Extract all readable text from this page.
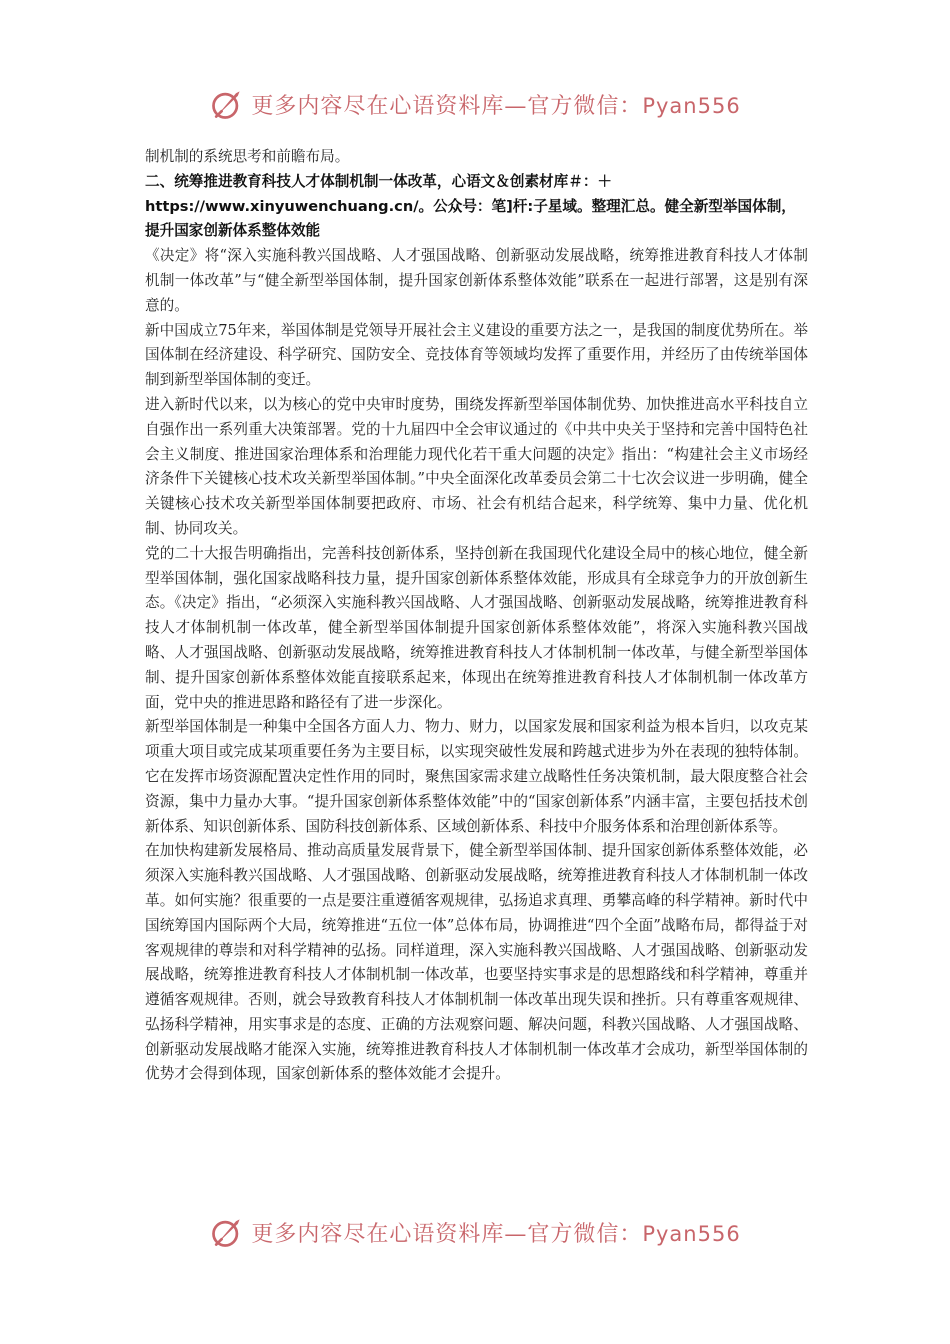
更多内容尽在心语资料库—官方微信：Pyan556

制机制的系统思考和前瞻布局。

二、统筹推进教育科技人才体制机制一体改革，心语文＆创素材库＃：＋https://www.xinyuwenchuang.cn/。公众号：笔]杆:子星域。整理汇总。健全新型举国体制，提升国家创新体系整体效能

《决定》将“深入实施科教兴国战略、人才强国战略、创新驱动发展战略，统筹推进教育科技人才体制机制一体改革”与“健全新型举国体制，提升国家创新体系整体效能”联系在一起进行部署，这是别有深意的。

新中国成立75年来，举国体制是党领导开展社会主义建设的重要方法之一，是我国的制度优势所在。举国体制在经济建设、科学研究、国防安全、竞技体育等领域均发挥了重要作用，并经历了由传统举国体制到新型举国体制的变迁。

进入新时代以来，以为核心的党中央审时度势，围绕发挥新型举国体制优势、加快推进高水平科技自立自强作出一系列重大决策部署。党的十九届四中全会审议通过的《中共中央关于坚持和完善中国特色社会主义制度、推进国家治理体系和治理能力现代化若干重大问题的决定》指出：“构建社会主义市场经济条件下关键核心技术攻关新型举国体制。”中央全面深化改革委员会第二十七次会议进一步明确，健全关键核心技术攻关新型举国体制要把政府、市场、社会有机结合起来，科学统筹、集中力量、优化机制、协同攻关。

党的二十大报告明确指出，完善科技创新体系，坚持创新在我国现代化建设全局中的核心地位，健全新型举国体制，强化国家战略科技力量，提升国家创新体系整体效能，形成具有全球竞争力的开放创新生态。《决定》指出，“必须深入实施科教兴国战略、人才强国战略、创新驱动发展战略，统筹推进教育科技人才体制机制一体改革，健全新型举国体制提升国家创新体系整体效能”，将深入实施科教兴国战略、人才强国战略、创新驱动发展战略，统筹推进教育科技人才体制机制一体改革，与健全新型举国体制、提升国家创新体系整体效能直接联系起来，体现出在统筹推进教育科技人才体制机制一体改革方面，党中央的推进思路和路径有了进一步深化。

新型举国体制是一种集中全国各方面人力、物力、财力，以国家发展和国家利益为根本旨归，以攻克某项重大项目或完成某项重要任务为主要目标，以实现突破性发展和跨越式进步为外在表现的独特体制。它在发挥市场资源配置决定性作用的同时，聚焦国家需求建立战略性任务决策机制，最大限度整合社会资源，集中力量办大事。“提升国家创新体系整体效能”中的“国家创新体系”内涵丰富，主要包括技术创新体系、知识创新体系、国防科技创新体系、区域创新体系、科技中介服务体系和治理创新体系等。

在加快构建新发展格局、推动高质量发展背景下，健全新型举国体制、提升国家创新体系整体效能，必须深入实施科教兴国战略、人才强国战略、创新驱动发展战略，统筹推进教育科技人才体制机制一体改革。如何实施？很重要的一点是要注重遵循客观规律，弘扬追求真理、勇攀高峰的科学精神。新时代中国统筹国内国际两个大局，统筹推进“五位一体”总体布局，协调推进“四个全面”战略布局，都得益于对客观规律的尊崇和对科学精神的弘扬。同样道理，深入实施科教兴国战略、人才强国战略、创新驱动发展战略，统筹推进教育科技人才体制机制一体改革，也要坚持实事求是的思想路线和科学精神，尊重并遵循客观规律。否则，就会导致教育科技人才体制机制一体改革出现失误和挫折。只有尊重客观规律、弘扬科学精神，用实事求是的态度、正确的方法观察问题、解决问题，科教兴国战略、人才强国战略、创新驱动发展战略才能深入实施，统筹推进教育科技人才体制机制一体改革才会成功，新型举国体制的优势才会得到体现，国家创新体系的整体效能才会提升。

更多内容尽在心语资料库—官方微信：Pyan556
